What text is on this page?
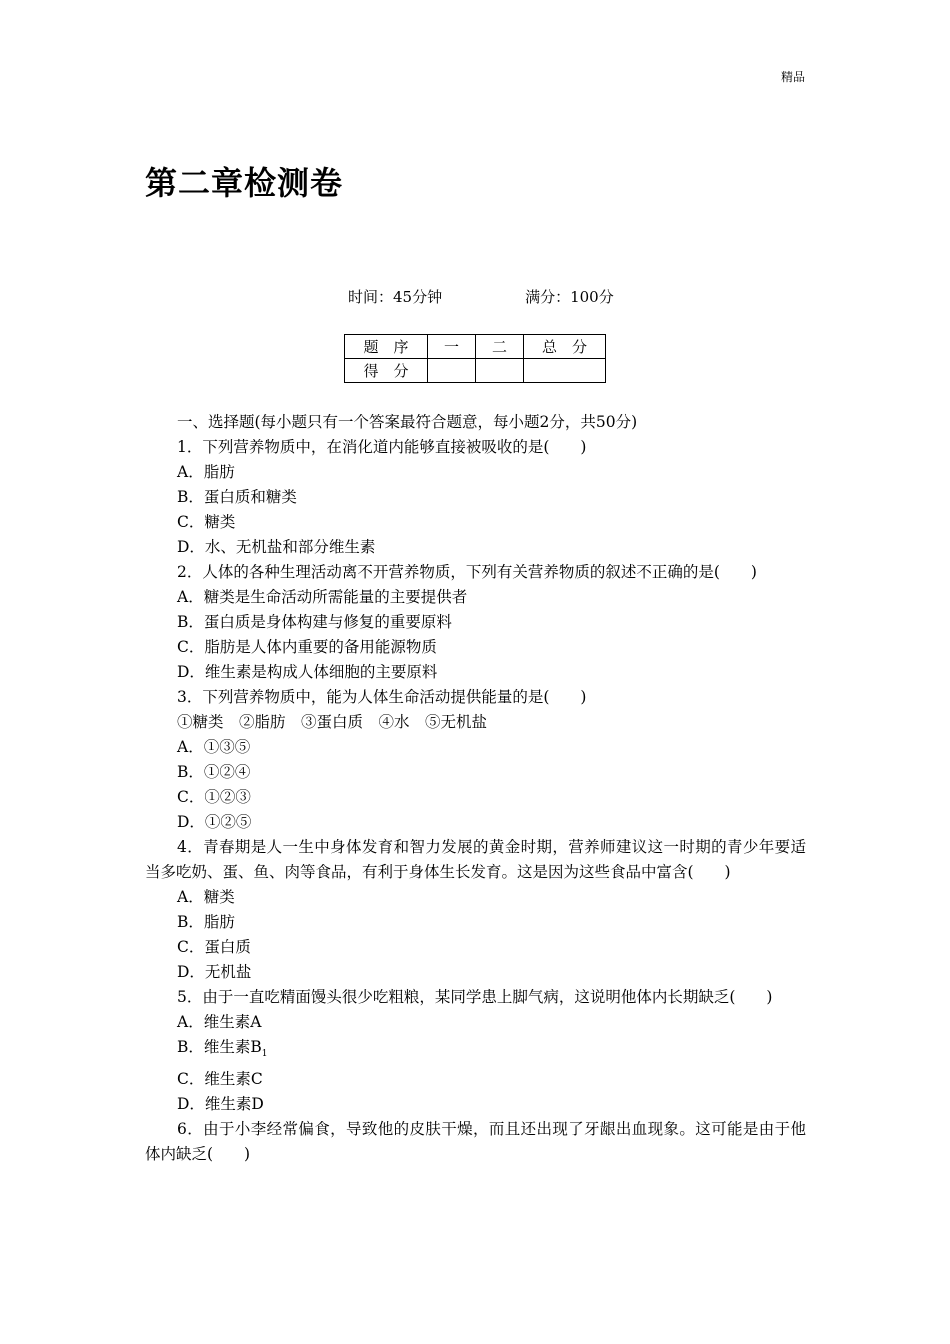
精品
第二章检测卷
时间：45分钟	满分：100分
题　序	一	二	总　分
得　分			
一、选择题(每小题只有一个答案最符合题意，每小题2分，共50分)
1．下列营养物质中，在消化道内能够直接被吸收的是(　　)
A．脂肪
B．蛋白质和糖类
C．糖类
D．水、无机盐和部分维生素
2．人体的各种生理活动离不开营养物质，下列有关营养物质的叙述不正确的是(　　)
A．糖类是生命活动所需能量的主要提供者
B．蛋白质是身体构建与修复的重要原料
C．脂肪是人体内重要的备用能源物质
D．维生素是构成人体细胞的主要原料
3．下列营养物质中，能为人体生命活动提供能量的是(　　)
①糖类　②脂肪　③蛋白质　④水　⑤无机盐
A．①③⑤
B．①②④
C．①②③
D．①②⑤
4．青春期是人一生中身体发育和智力发展的黄金时期，营养师建议这一时期的青少年要适当多吃奶、蛋、鱼、肉等食品，有利于身体生长发育。这是因为这些食品中富含(　　)
A．糖类
B．脂肪
C．蛋白质
D．无机盐
5．由于一直吃精面馒头很少吃粗粮，某同学患上脚气病，这说明他体内长期缺乏(　　)
A．维生素A
B．维生素$B_1$
C．维生素C
D．维生素D
6．由于小李经常偏食，导致他的皮肤干燥，而且还出现了牙龈出血现象。这可能是由于他体内缺乏(　　)
